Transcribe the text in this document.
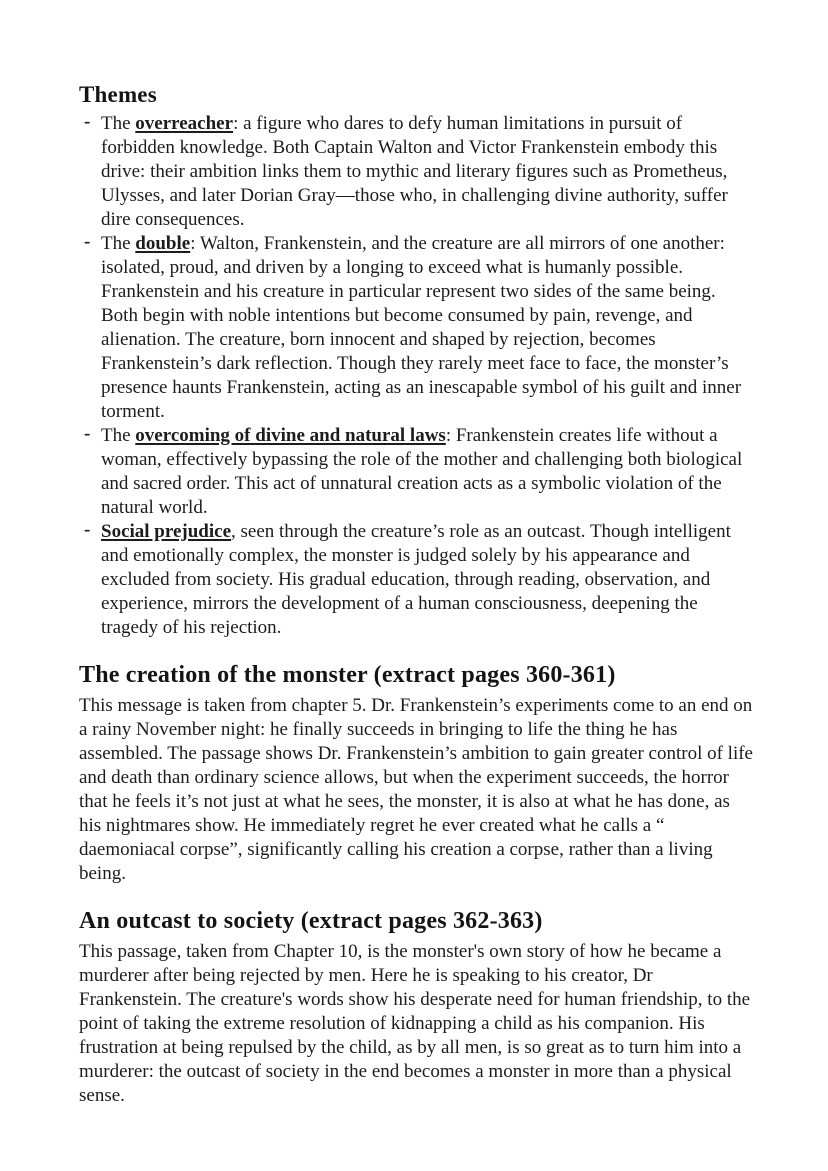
Themes
- The overreacher: a figure who dares to defy human limitations in pursuit of forbidden knowledge. Both Captain Walton and Victor Frankenstein embody this drive: their ambition links them to mythic and literary figures such as Prometheus, Ulysses, and later Dorian Gray—those who, in challenging divine authority, suffer dire consequences.
- The double: Walton, Frankenstein, and the creature are all mirrors of one another: isolated, proud, and driven by a longing to exceed what is humanly possible. Frankenstein and his creature in particular represent two sides of the same being. Both begin with noble intentions but become consumed by pain, revenge, and alienation. The creature, born innocent and shaped by rejection, becomes Frankenstein’s dark reflection. Though they rarely meet face to face, the monster’s presence haunts Frankenstein, acting as an inescapable symbol of his guilt and inner torment.
- The overcoming of divine and natural laws: Frankenstein creates life without a woman, effectively bypassing the role of the mother and challenging both biological and sacred order. This act of unnatural creation acts as a symbolic violation of the natural world.
- Social prejudice, seen through the creature’s role as an outcast. Though intelligent and emotionally complex, the monster is judged solely by his appearance and excluded from society. His gradual education, through reading, observation, and experience, mirrors the development of a human consciousness, deepening the tragedy of his rejection.
The creation of the monster (extract pages 360-361)

This message is taken from chapter 5. Dr. Frankenstein’s experiments come to an end on a rainy November night: he finally succeeds in bringing to life the thing he has assembled. The passage shows Dr. Frankenstein’s ambition to gain greater control of life and death than ordinary science allows, but when the experiment succeeds, the horror that he feels it’s not just at what he sees, the monster, it is also at what he has done, as his nightmares show. He immediately regret he ever created what he calls a “ daemoniacal corpse”, significantly calling his creation a corpse, rather than a living being.

An outcast to society (extract pages 362-363)

This passage, taken from Chapter 10, is the monster's own story of how he became a murderer after being rejected by men. Here he is speaking to his creator, Dr Frankenstein. The creature's words show his desperate need for human friendship, to the point of taking the extreme resolution of kidnapping a child as his companion. His frustration at being repulsed by the child, as by all men, is so great as to turn him into a murderer: the outcast of society in the end becomes a monster in more than a physical sense.
